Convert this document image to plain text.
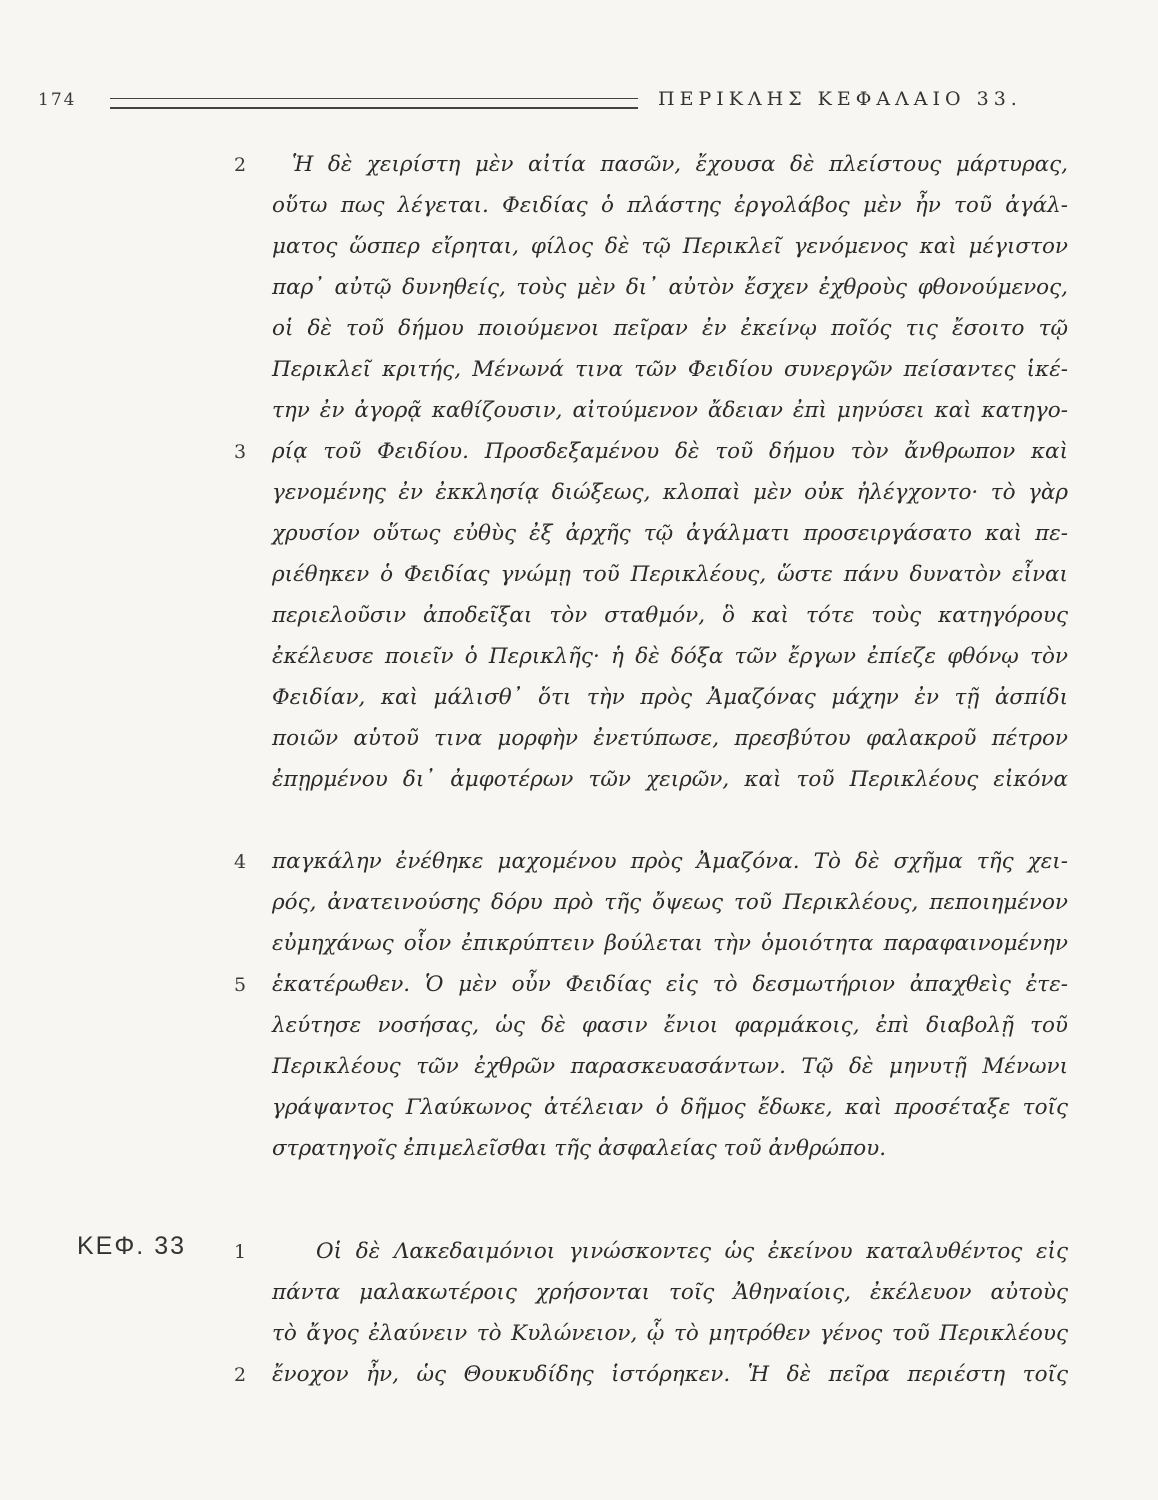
174	ΠΕΡΙΚΛΗΣ ΚΕΦΑΛΑΙΟ 33.
2 Ἡ δὲ χειρίστη μὲν αἰτία πασῶν, ἔχουσα δὲ πλείστους μάρτυρας,
οὕτω πως λέγεται. Φειδίας ὁ πλάστης ἐργολάβος μὲν ἦν τοῦ ἀγάλ-
ματος ὥσπερ εἴρηται, φίλος δὲ τῷ Περικλεῖ γενόμενος καὶ μέγιστον
παρ᾽ αὐτῷ δυνηθείς, τοὺς μὲν δι᾽ αὐτὸν ἔσχεν ἐχθροὺς φθονούμενος,
οἱ δὲ τοῦ δήμου ποιούμενοι πεῖραν ἐν ἐκείνῳ ποῖός τις ἔσοιτο τῷ
Περικλεῖ κριτής, Μένωνά τινα τῶν Φειδίου συνεργῶν πείσαντες ἱκέ-
την ἐν ἀγορᾷ καθίζουσιν, αἰτούμενον ἄδειαν ἐπὶ μηνύσει καὶ κατηγο-
3 ρίᾳ τοῦ Φειδίου. Προσδεξαμένου δὲ τοῦ δήμου τὸν ἄνθρωπον καὶ
γενομένης ἐν ἐκκλησίᾳ διώξεως, κλοπαὶ μὲν οὐκ ἠλέγχοντο· τὸ γὰρ
χρυσίον οὕτως εὐθὺς ἐξ ἀρχῆς τῷ ἀγάλματι προσειργάσατο καὶ πε-
ριέθηκεν ὁ Φειδίας γνώμῃ τοῦ Περικλέους, ὥστε πάνυ δυνατὸν εἶναι
περιελοῦσιν ἀποδεῖξαι τὸν σταθμόν, ὃ καὶ τότε τοὺς κατηγόρους
ἐκέλευσε ποιεῖν ὁ Περικλῆς· ἡ δὲ δόξα τῶν ἔργων ἐπίεζε φθόνῳ τὸν
Φειδίαν, καὶ μάλισθ᾽ ὅτι τὴν πρὸς Ἀμαζόνας μάχην ἐν τῇ ἀσπίδι
ποιῶν αὑτοῦ τινα μορφὴν ἐνετύπωσε, πρεσβύτου φαλακροῦ πέτρον
ἐπῃρμένου δι᾽ ἀμφοτέρων τῶν χειρῶν, καὶ τοῦ Περικλέους εἰκόνα
4 παγκάλην ἐνέθηκε μαχομένου πρὸς Ἀμαζόνα. Τὸ δὲ σχῆμα τῆς χει-
ρός, ἀνατεινούσης δόρυ πρὸ τῆς ὄψεως τοῦ Περικλέους, πεποιημένον
εὐμηχάνως οἷον ἐπικρύπτειν βούλεται τὴν ὁμοιότητα παραφαινομένην
5 ἑκατέρωθεν. Ὁ μὲν οὖν Φειδίας εἰς τὸ δεσμωτήριον ἀπαχθεὶς ἐτε-
λεύτησε νοσήσας, ὡς δὲ φασιν ἔνιοι φαρμάκοις, ἐπὶ διαβολῇ τοῦ
Περικλέους τῶν ἐχθρῶν παρασκευασάντων. Τῷ δὲ μηνυτῇ Μένωνι
γράψαντος Γλαύκωνος ἀτέλειαν ὁ δῆμος ἔδωκε, καὶ προσέταξε τοῖς
στρατηγοῖς ἐπιμελεῖσθαι τῆς ἀσφαλείας τοῦ ἀνθρώπου.
ΚΕΦ. 33	1	Οἱ δὲ Λακεδαιμόνιοι γινώσκοντες ὡς ἐκείνου καταλυθέντος εἰς
πάντα μαλακωτέροις χρήσονται τοῖς Ἀθηναίοις, ἐκέλευον αὐτοὺς
τὸ ἄγος ἐλαύνειν τὸ Κυλώνειον, ᾧ τὸ μητρόθεν γένος τοῦ Περικλέους
2 ἔνοχον ἦν, ὡς Θουκυδίδης ἱστόρηκεν. Ἡ δὲ πεῖρα περιέστη τοῖς
